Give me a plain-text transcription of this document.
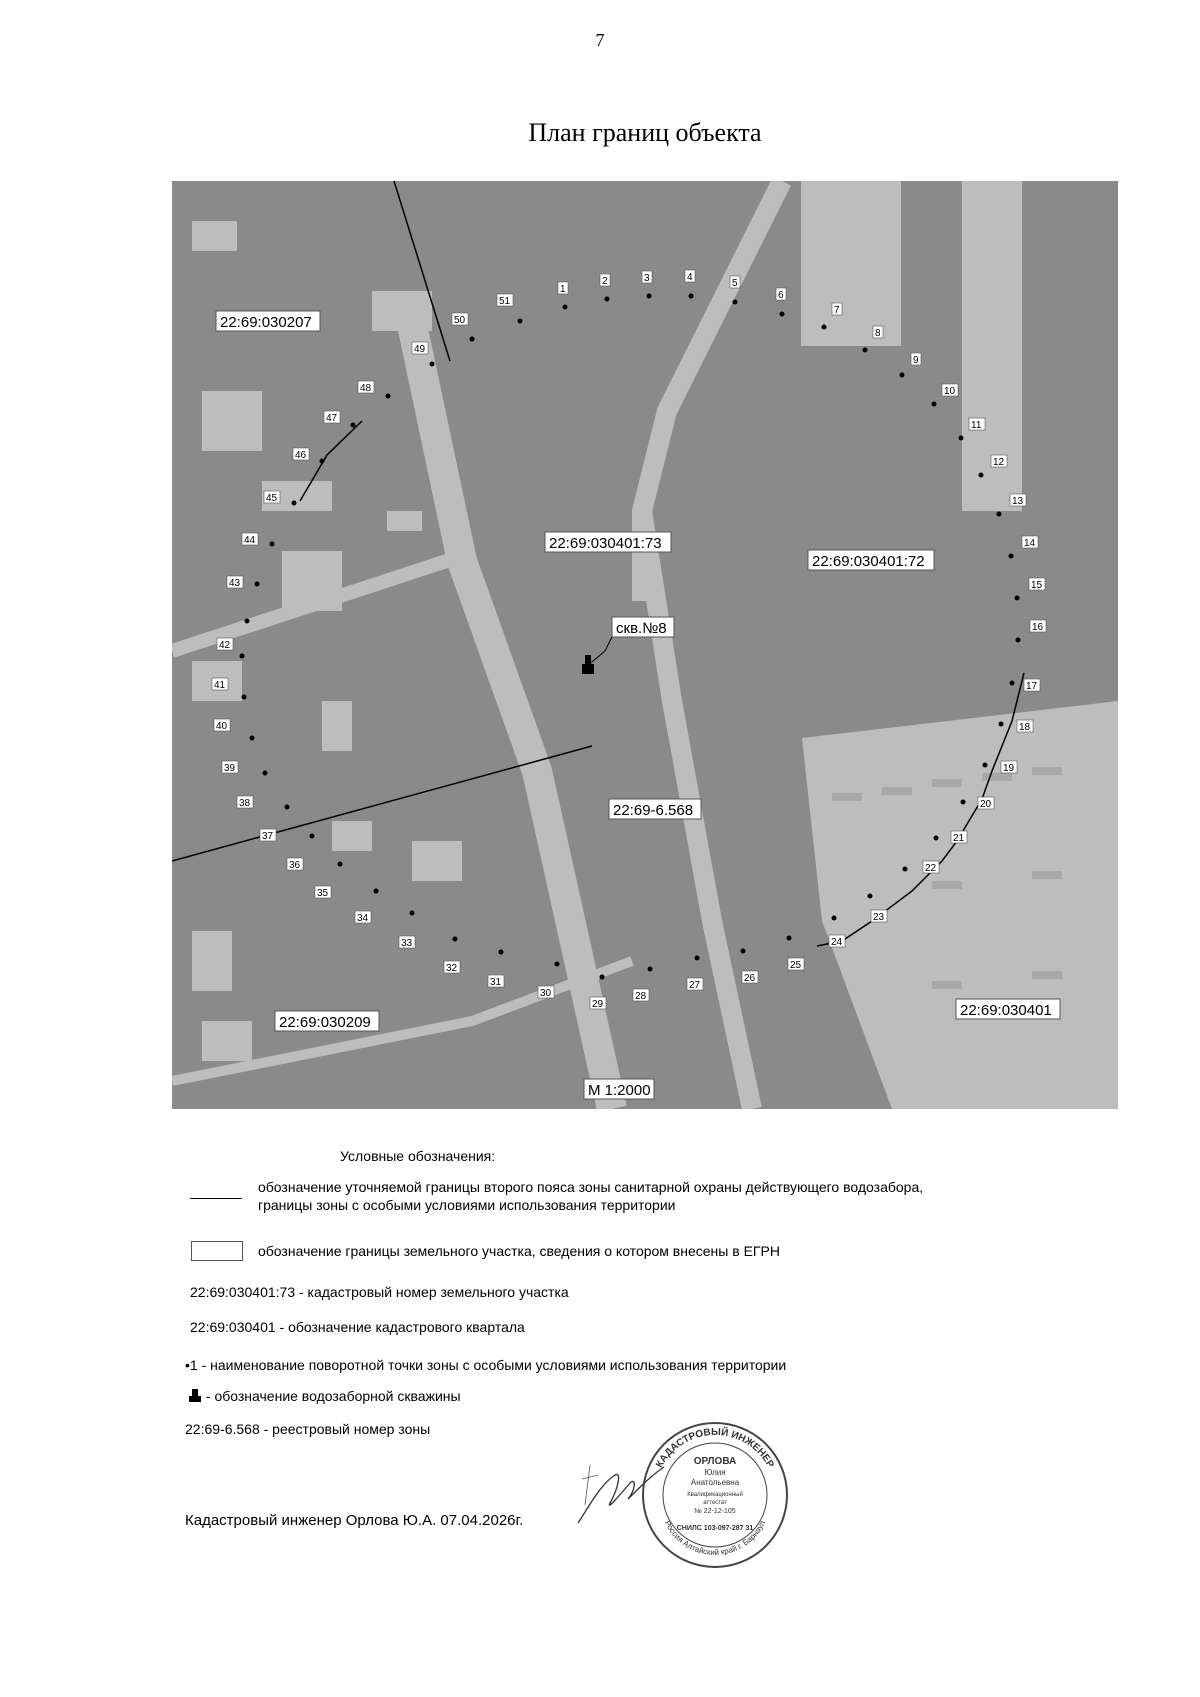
7
План границ объекта
1
2	3	4
5
6
7
8
9
10
11
12
13
14
15
16
17
18
19
20
21
22
23
24
25
26
27
28
29
30
31
32
33
34
35
36
37
38
39
40
41
42
43
44
45
46
47
48
49
50
51
22:69:030207
22:69:030401:73
22:69:030401:72
скв.№8
22:69-6.568
22:69:030209
22:69:030401
М 1:2000
Условные обозначения:
обозначение уточняемой границы второго пояса зоны санитарной охраны действующего водозабора,
границы зоны с особыми условиями использования территории
обозначение границы земельного участка, сведения о котором внесены в ЕГРН
22:69:030401:73 - кадастровый номер земельного участка
22:69:030401 - обозначение кадастрового квартала
•1 - наименование поворотной точки зоны с особыми условиями использования территории
- обозначение водозаборной скважины
22:69-6.568 - реестровый номер зоны
Кадастровый инженер Орлова Ю.А. 07.04.2026г.
КАДАСТРОВЫЙ ИНЖЕНЕР
Россия Алтайский край г. Барнаул
ОРЛОВА
Юлия
Анатольевна
Квалификационный
аттестат
№ 22-12-105
СНИЛС 103-097-287 31
